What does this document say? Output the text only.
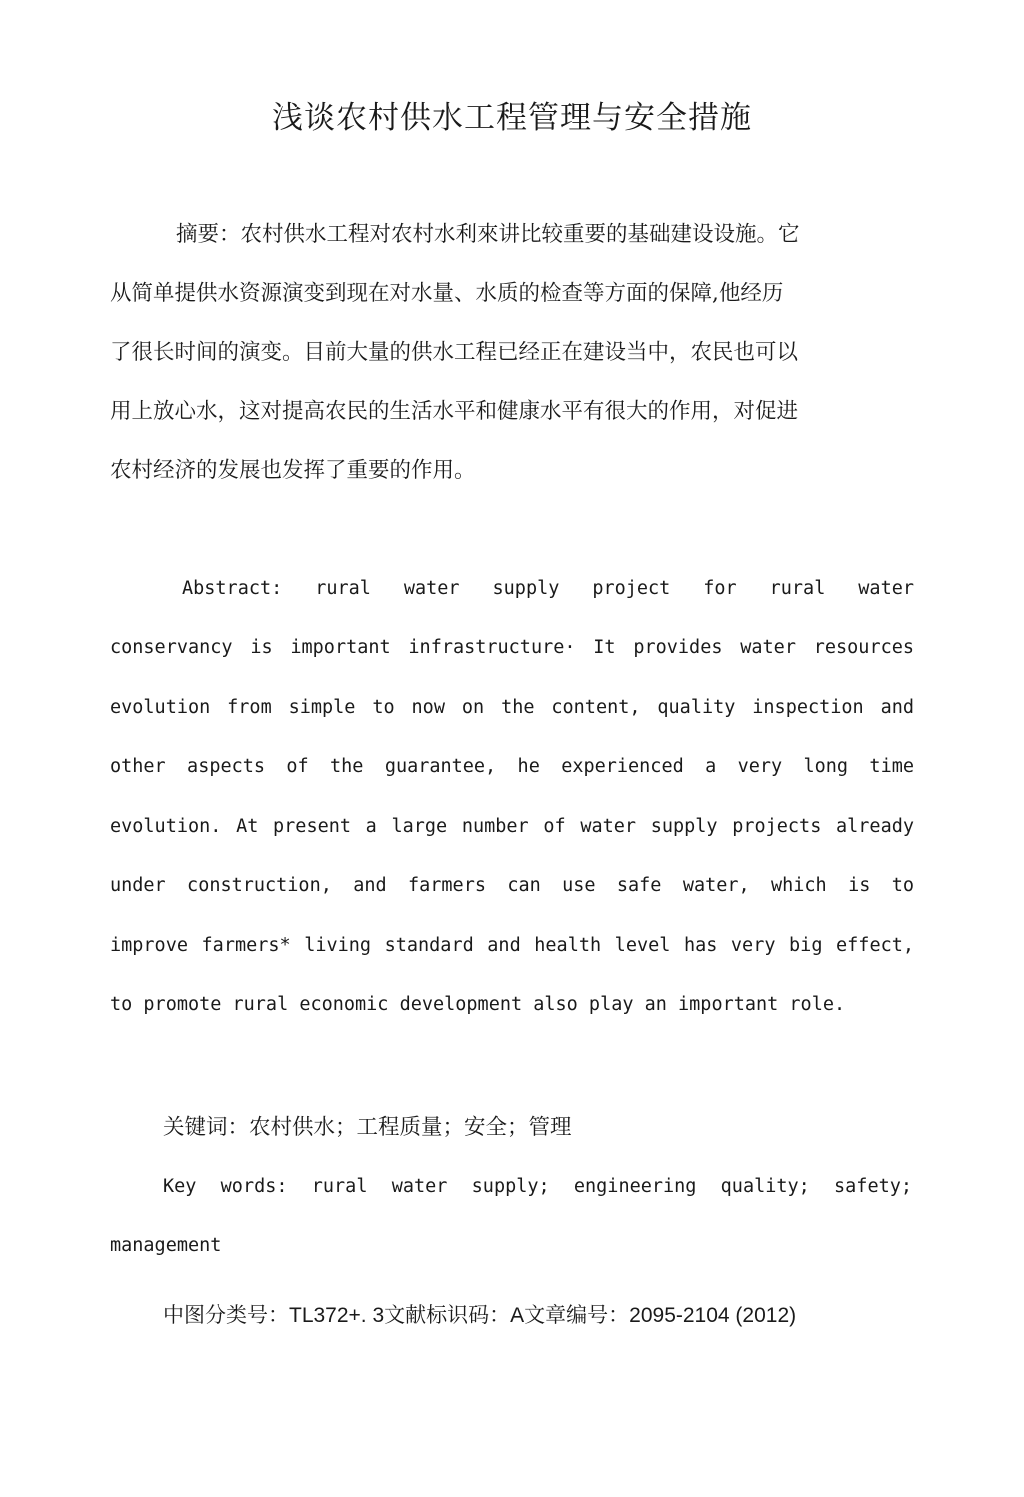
浅谈农村供水工程管理与安全措施
摘要：农村供水工程对农村水利來讲比较重要的基础建设设施。它
从简单提供水资源演变到现在对水量、水质的检查等方面的保障,他经历
了很长时间的演变。目前大量的供水工程已经正在建设当中，农民也可以
用上放心水，这对提高农民的生活水平和健康水平有很大的作用，对促进
农村经济的发展也发挥了重要的作用。
Abstract: rural water supply project for rural water
conservancy is important infrastructure· It provides water resources
evolution from simple to now on the content, quality inspection and
other aspects of the guarantee, he experienced a very long time
evolution. At present a large number of water supply projects already
under construction, and farmers can use safe water, which is to
improve farmers* living standard and health level has very big effect,
to promote rural economic development also play an important role.
关键词：农村供水；工程质量；安全；管理
Key words: rural water supply; engineering quality; safety;
management
中图分类号：TL372+. 3文献标识码：A文章编号：2095-2104 (2012)
